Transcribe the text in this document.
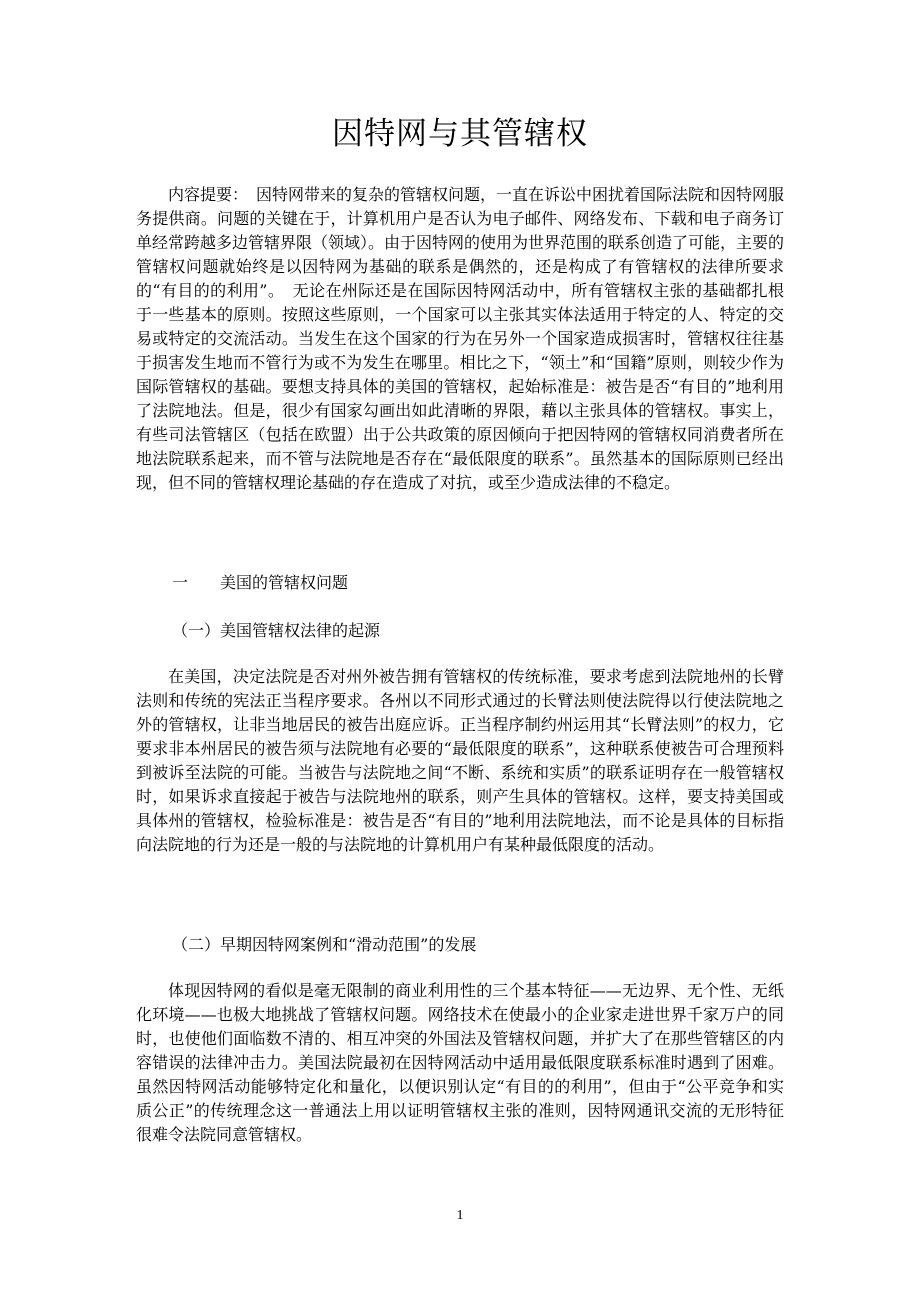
因特网与其管辖权

内容提要：　因特网带来的复杂的管辖权问题，一直在诉讼中困扰着国际法院和因特网服务提供商。问题的关键在于，计算机用户是否认为电子邮件、网络发布、下载和电子商务订单经常跨越多边管辖界限（领域）。由于因特网的使用为世界范围的联系创造了可能，主要的管辖权问题就始终是以因特网为基础的联系是偶然的，还是构成了有管辖权的法律所要求的“有目的的利用”。　无论在州际还是在国际因特网活动中，所有管辖权主张的基础都扎根于一些基本的原则。按照这些原则，一个国家可以主张其实体法适用于特定的人、特定的交易或特定的交流活动。当发生在这个国家的行为在另外一个国家造成损害时，管辖权往往基于损害发生地而不管行为或不为发生在哪里。相比之下，“领土”和“国籍”原则，则较少作为国际管辖权的基础。要想支持具体的美国的管辖权，起始标准是：被告是否“有目的”地利用了法院地法。但是，很少有国家勾画出如此清晰的界限，藉以主张具体的管辖权。事实上，有些司法管辖区（包括在欧盟）出于公共政策的原因倾向于把因特网的管辖权同消费者所在地法院联系起来，而不管与法院地是否存在“最低限度的联系”。虽然基本的国际原则已经出现，但不同的管辖权理论基础的存在造成了对抗，或至少造成法律的不稳定。

一　　美国的管辖权问题
（一）美国管辖权法律的起源

在美国，决定法院是否对州外被告拥有管辖权的传统标准，要求考虑到法院地州的长臂法则和传统的宪法正当程序要求。各州以不同形式通过的长臂法则使法院得以行使法院地之外的管辖权，让非当地居民的被告出庭应诉。正当程序制约州运用其“长臂法则”的权力，它要求非本州居民的被告须与法院地有必要的“最低限度的联系”，这种联系使被告可合理预料到被诉至法院的可能。当被告与法院地之间“不断、系统和实质”的联系证明存在一般管辖权时，如果诉求直接起于被告与法院地州的联系，则产生具体的管辖权。这样，要支持美国或具体州的管辖权，检验标准是：被告是否“有目的”地利用法院地法，而不论是具体的目标指向法院地的行为还是一般的与法院地的计算机用户有某种最低限度的活动。

（二）早期因特网案例和“滑动范围”的发展

体现因特网的看似是毫无限制的商业利用性的三个基本特征——无边界、无个性、无纸化环境——也极大地挑战了管辖权问题。网络技术在使最小的企业家走进世界千家万户的同时，也使他们面临数不清的、相互冲突的外国法及管辖权问题，并扩大了在那些管辖区的内容错误的法律冲击力。美国法院最初在因特网活动中适用最低限度联系标准时遇到了困难。虽然因特网活动能够特定化和量化，以便识别认定“有目的的利用”，但由于“公平竞争和实质公正”的传统理念这一普通法上用以证明管辖权主张的准则，因特网通讯交流的无形特征很难令法院同意管辖权。

1
